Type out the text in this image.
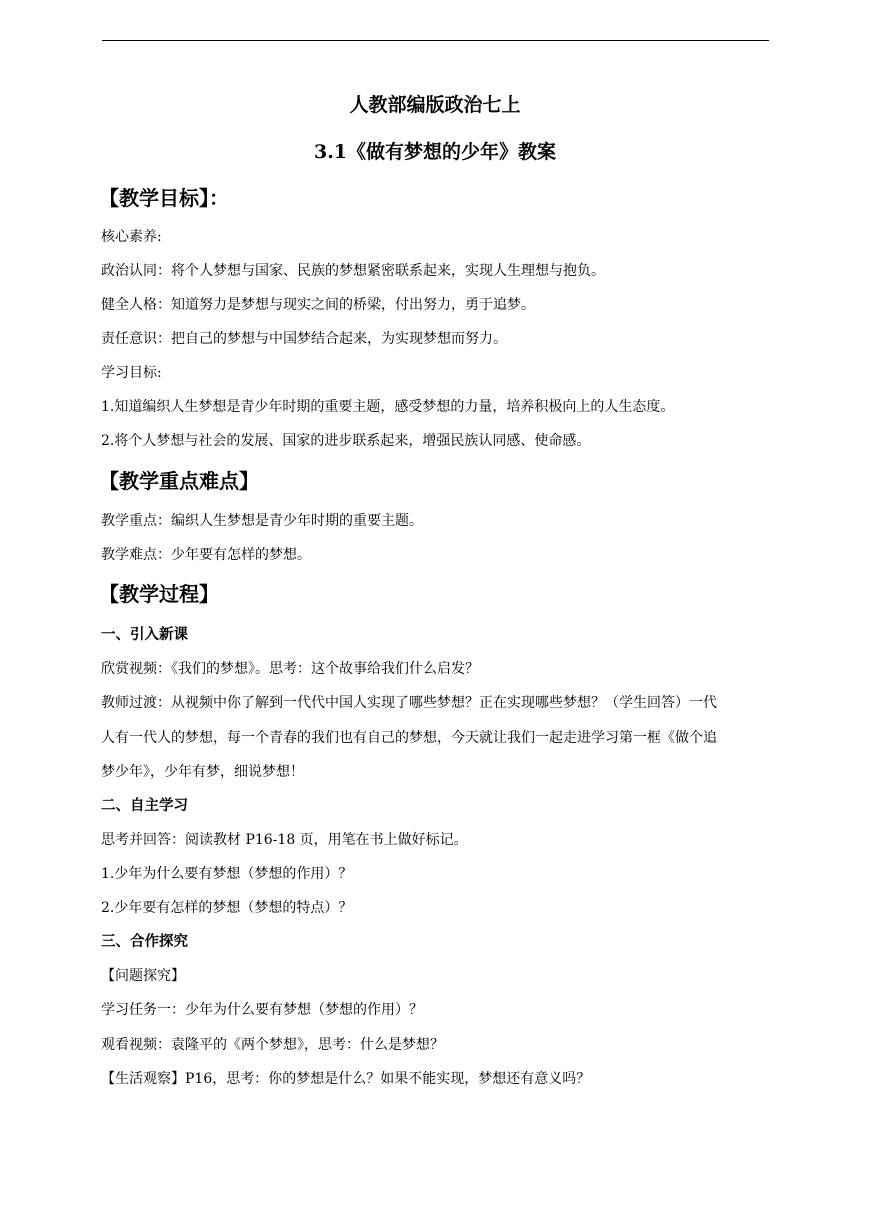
人教部编版政治七上
3.1《做有梦想的少年》教案
【教学目标】：
核心素养:
政治认同：将个人梦想与国家、民族的梦想紧密联系起来，实现人生理想与抱负。
健全人格：知道努力是梦想与现实之间的桥梁，付出努力，勇于追梦。
责任意识：把自己的梦想与中国梦结合起来，为实现梦想而努力。
学习目标:
1.知道编织人生梦想是青少年时期的重要主题，感受梦想的力量，培养积极向上的人生态度。
2.将个人梦想与社会的发展、国家的进步联系起来，增强民族认同感、使命感。
【教学重点难点】
教学重点：编织人生梦想是青少年时期的重要主题。
教学难点：少年要有怎样的梦想。
【教学过程】
一、引入新课
欣赏视频：《我们的梦想》。思考：这个故事给我们什么启发？
教师过渡：从视频中你了解到一代代中国人实现了哪些梦想？正在实现哪些梦想？（学生回答）一代
人有一代人的梦想，每一个青春的我们也有自己的梦想，今天就让我们一起走进学习第一框《做个追
梦少年》，少年有梦，细说梦想！
二、自主学习
思考并回答：阅读教材 P16-18 页，用笔在书上做好标记。
1.少年为什么要有梦想（梦想的作用）？
2.少年要有怎样的梦想（梦想的特点）？
三、合作探究
【问题探究】
学习任务一：少年为什么要有梦想（梦想的作用）？
观看视频：袁隆平的《两个梦想》，思考：什么是梦想？
【生活观察】P16，思考：你的梦想是什么？如果不能实现，梦想还有意义吗？
